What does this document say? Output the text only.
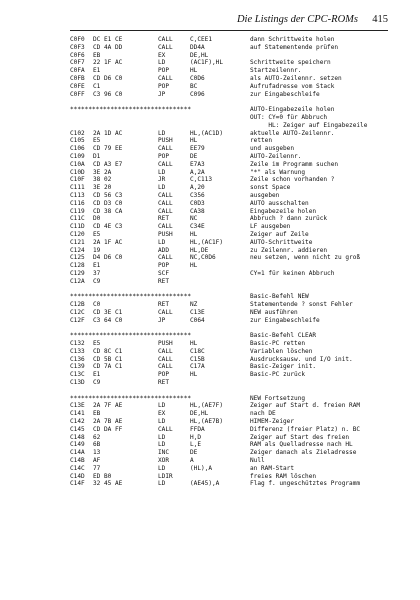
Die Listings der CPC-ROMs 415
C0F0 DC E1 CE	CALL	C,CEE1	dann Schrittweite holen
C0F3 CD 4A DD	CALL	DD4A	auf Statementende prüfen
C0F6 EB	EX	DE,HL
C0F7 22 1F AC	LD	(AC1F),HL	Schrittweite speichern
C0FA E1	POP	HL	Startzeilennr.
C0FB CD D6 C0	CALL	C0D6	als AUTO-Zeilennr. setzen
C0FE C1	POP	BC	Aufrufadresse vom Stack
C0FF C3 96 C0	JP	C096	zur Eingabeschleife
*********************************	AUTO-Eingabezeile holen
OUT: CY=0 für Abbruch
HL: Zeiger auf Eingabezeile
C102 2A 1D AC	LD	HL,(AC1D)	aktuelle AUTO-Zeilennr.
C105 E5	PUSH	HL	retten
C106 CD 79 EE	CALL	EE79	und ausgeben
C109 D1	POP	DE	AUTO-Zeilennr.
C10A CD A3 E7	CALL	E7A3	Zeile im Programm suchen
C10D 3E 2A	LD	A,2A	"*" als Warnung
C10F 38 02	JR	C,C113	Zeile schon vorhanden ?
C111 3E 20	LD	A,20	sonst Space
C113 CD 56 C3	CALL	C356	ausgeben
C116 CD D3 C0	CALL	C0D3	AUTO ausschalten
C119 CD 38 CA	CALL	CA38	Eingabezeile holen
C11C D0	RET	NC	Abbruch ? dann zurück
C11D CD 4E C3	CALL	C34E	LF ausgeben
C120 E5	PUSH	HL	Zeiger auf Zeile
C121 2A 1F AC	LD	HL,(AC1F)	AUTO-Schrittweite
C124 19	ADD	HL,DE	zu Zeilennr. addieren
C125 D4 D6 C0	CALL	NC,C0D6	neu setzen, wenn nicht zu groß
C128 E1	POP	HL
C129 37	SCF	CY=1 für keinen Abbruch
C12A C9	RET
*********************************	Basic-Befehl NEW
C12B C0	RET	NZ	Statementende ? sonst Fehler
C12C CD 3E C1	CALL	C13E	NEW ausführen
C12F C3 64 C0	JP	C064	zur Eingabeschleife
*********************************	Basic-Befehl CLEAR
C132 E5	PUSH	HL	Basic-PC retten
C133 CD 8C C1	CALL	C18C	Variablen löschen
C136 CD 5B C1	CALL	C15B	Ausdrucksausw. und I/O init.
C139 CD 7A C1	CALL	C17A	Basic-Zeiger init.
C13C E1	POP	HL	Basic-PC zurück
C13D C9	RET
*********************************	NEW Fortsetzung
C13E 2A 7F AE	LD	HL,(AE7F)	Zeiger auf Start d. freien RAM
C141 EB	EX	DE,HL	nach DE
C142 2A 7B AE	LD	HL,(AE7B)	HIMEM-Zeiger
C145 CD DA FF	CALL	FFDA	Differenz (freier Platz) n. BC
C148 62	LD	H,D	Zeiger auf Start des freien
C149 6B	LD	L,E	RAM als Quelladresse nach HL
C14A 13	INC	DE	Zeiger danach als Zieladresse
C14B AF	XOR	A	Null
C14C 77	LD	(HL),A	an RAM-Start
C14D ED B0	LDIR	freies RAM löschen
C14F 32 45 AE	LD	(AE45),A	Flag f. ungeschütztes Programm
